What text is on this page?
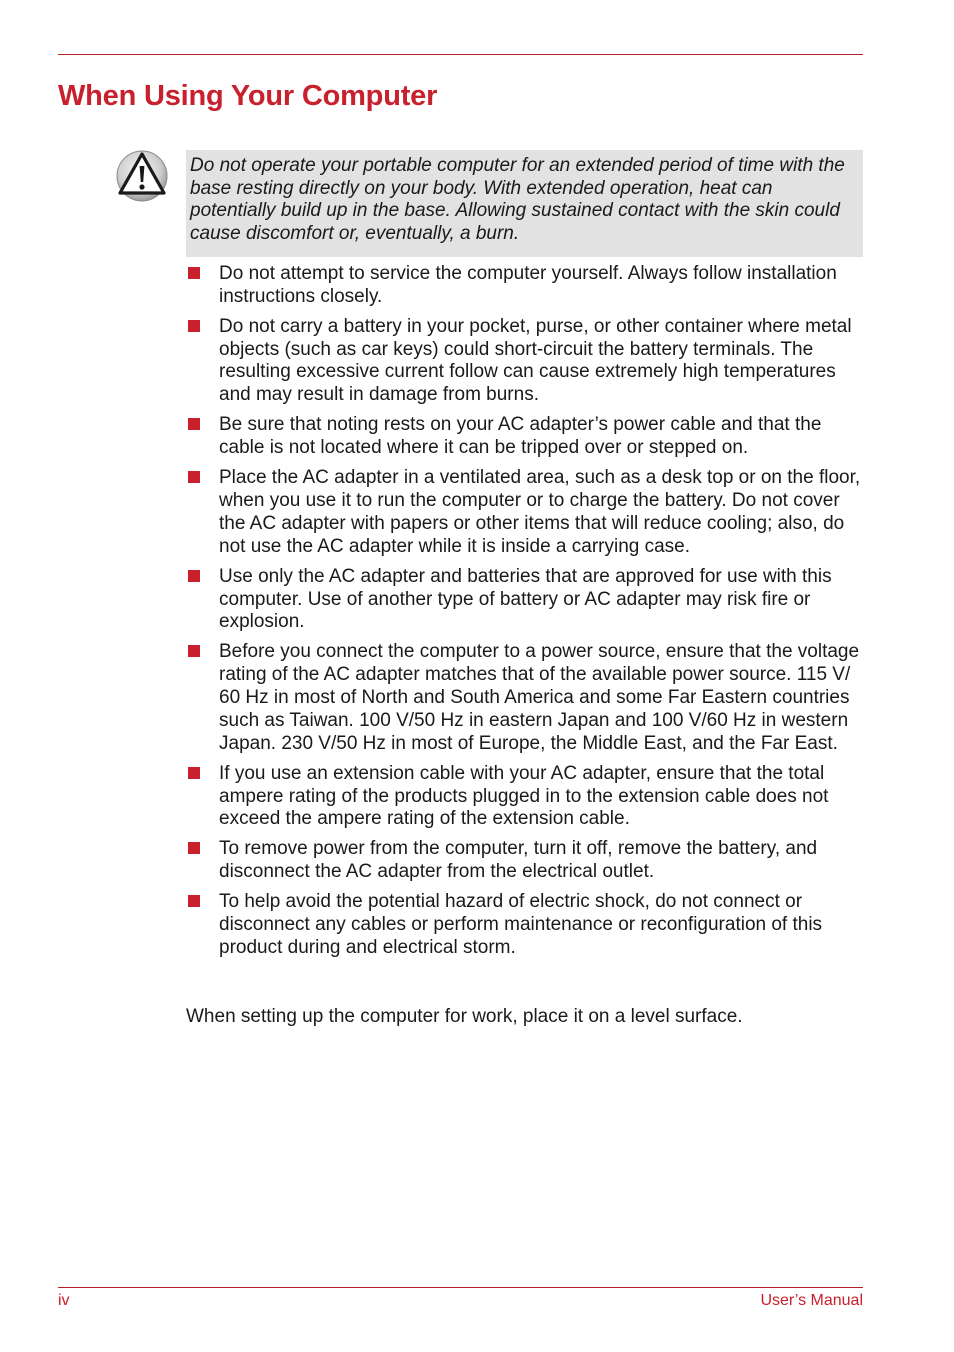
When Using Your Computer

Do not operate your portable computer for an extended period of time with the base resting directly on your body. With extended operation, heat can potentially build up in the base. Allowing sustained contact with the skin could cause discomfort or, eventually, a burn.

Do not attempt to service the computer yourself. Always follow installation instructions closely.
Do not carry a battery in your pocket, purse, or other container where metal objects (such as car keys) could short-circuit the battery terminals. The resulting excessive current follow can cause extremely high temperatures and may result in damage from burns.
Be sure that noting rests on your AC adapter’s power cable and that the cable is not located where it can be tripped over or stepped on.
Place the AC adapter in a ventilated area, such as a desk top or on the floor, when you use it to run the computer or to charge the battery. Do not cover the AC adapter with papers or other items that will reduce cooling; also, do not use the AC adapter while it is inside a carrying case.
Use only the AC adapter and batteries that are approved for use with this computer. Use of another type of battery or AC adapter may risk fire or explosion.
Before you connect the computer to a power source, ensure that the voltage rating of the AC adapter matches that of the available power source. 115 V/ 60 Hz in most of North and South America and some Far Eastern countries such as Taiwan. 100 V/50 Hz in eastern Japan and 100 V/60 Hz in western Japan. 230 V/50 Hz in most of Europe, the Middle East, and the Far East.
If you use an extension cable with your AC adapter, ensure that the total ampere rating of the products plugged in to the extension cable does not exceed the ampere rating of the extension cable.
To remove power from the computer, turn it off, remove the battery, and disconnect the AC adapter from the electrical outlet.
To help avoid the potential hazard of electric shock, do not connect or disconnect any cables or perform maintenance or reconfiguration of this product during and electrical storm.

When setting up the computer for work, place it on a level surface.

iv	User’s Manual
